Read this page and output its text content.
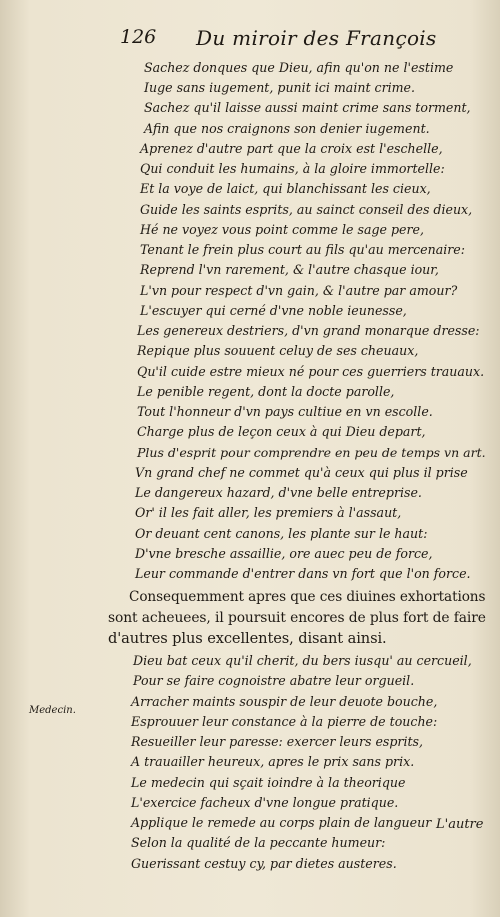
126 Du miroir des François
Sachez donques que Dieu, afin qu'on ne l'estime
Iuge sans iugement, punit ici maint crime.
Sachez qu'il laisse aussi maint crime sans torment,
Afin que nos craignons son denier iugement.
Aprenez d'autre part que la croix est l'eschelle,
Qui conduit les humains, à la gloire immortelle:
Et la voye de laict, qui blanchissant les cieux,
Guide les saints esprits, au sainct conseil des dieux,
Hé ne voyez vous point comme le sage pere,
Tenant le frein plus court au fils qu'au mercenaire:
Reprend l'vn rarement, & l'autre chasque iour,
L'vn pour respect d'vn gain, & l'autre par amour?
L'escuyer qui cerné d'vne noble ieunesse,
Les genereux destriers, d'vn grand monarque dresse:
Repique plus souuent celuy de ses cheuaux,
Qu'il cuide estre mieux né pour ces guerriers trauaux.
Le penible regent, dont la docte parolle,
Tout l'honneur d'vn pays cultiue en vn escolle.
Charge plus de leçon ceux à qui Dieu depart,
Plus d'esprit pour comprendre en peu de temps vn art.
Vn grand chef ne commet qu'à ceux qui plus il prise
Le dangereux hazard, d'vne belle entreprise.
Or' il les fait aller, les premiers à l'assaut,
Or deuant cent canons, les plante sur le haut:
D'vne bresche assaillie, ore auec peu de force,
Leur commande d'entrer dans vn fort que l'on force.
Consequemment apres que ces diuines exhortations
sont acheuees, il poursuit encores de plus fort de faire
d'autres plus excellentes, disant ainsi.
Dieu bat ceux qu'il cherit, du bers iusqu' au cercueil,
Pour se faire cognoistre abatre leur orgueil.
Arracher maints souspir de leur deuote bouche,
Esprouuer leur constance à la pierre de touche:
Resueiller leur paresse: exercer leurs esprits,
A trauailler heureux, apres le prix sans prix.
Le medecin qui sçait ioindre à la theorique
L'exercice facheux d'vne longue pratique.
Applique le remede au corps plain de langueur
Selon la qualité de la peccante humeur:
Guerissant cestuy cy, par dietes austeres.
Medecin.
L'autre
